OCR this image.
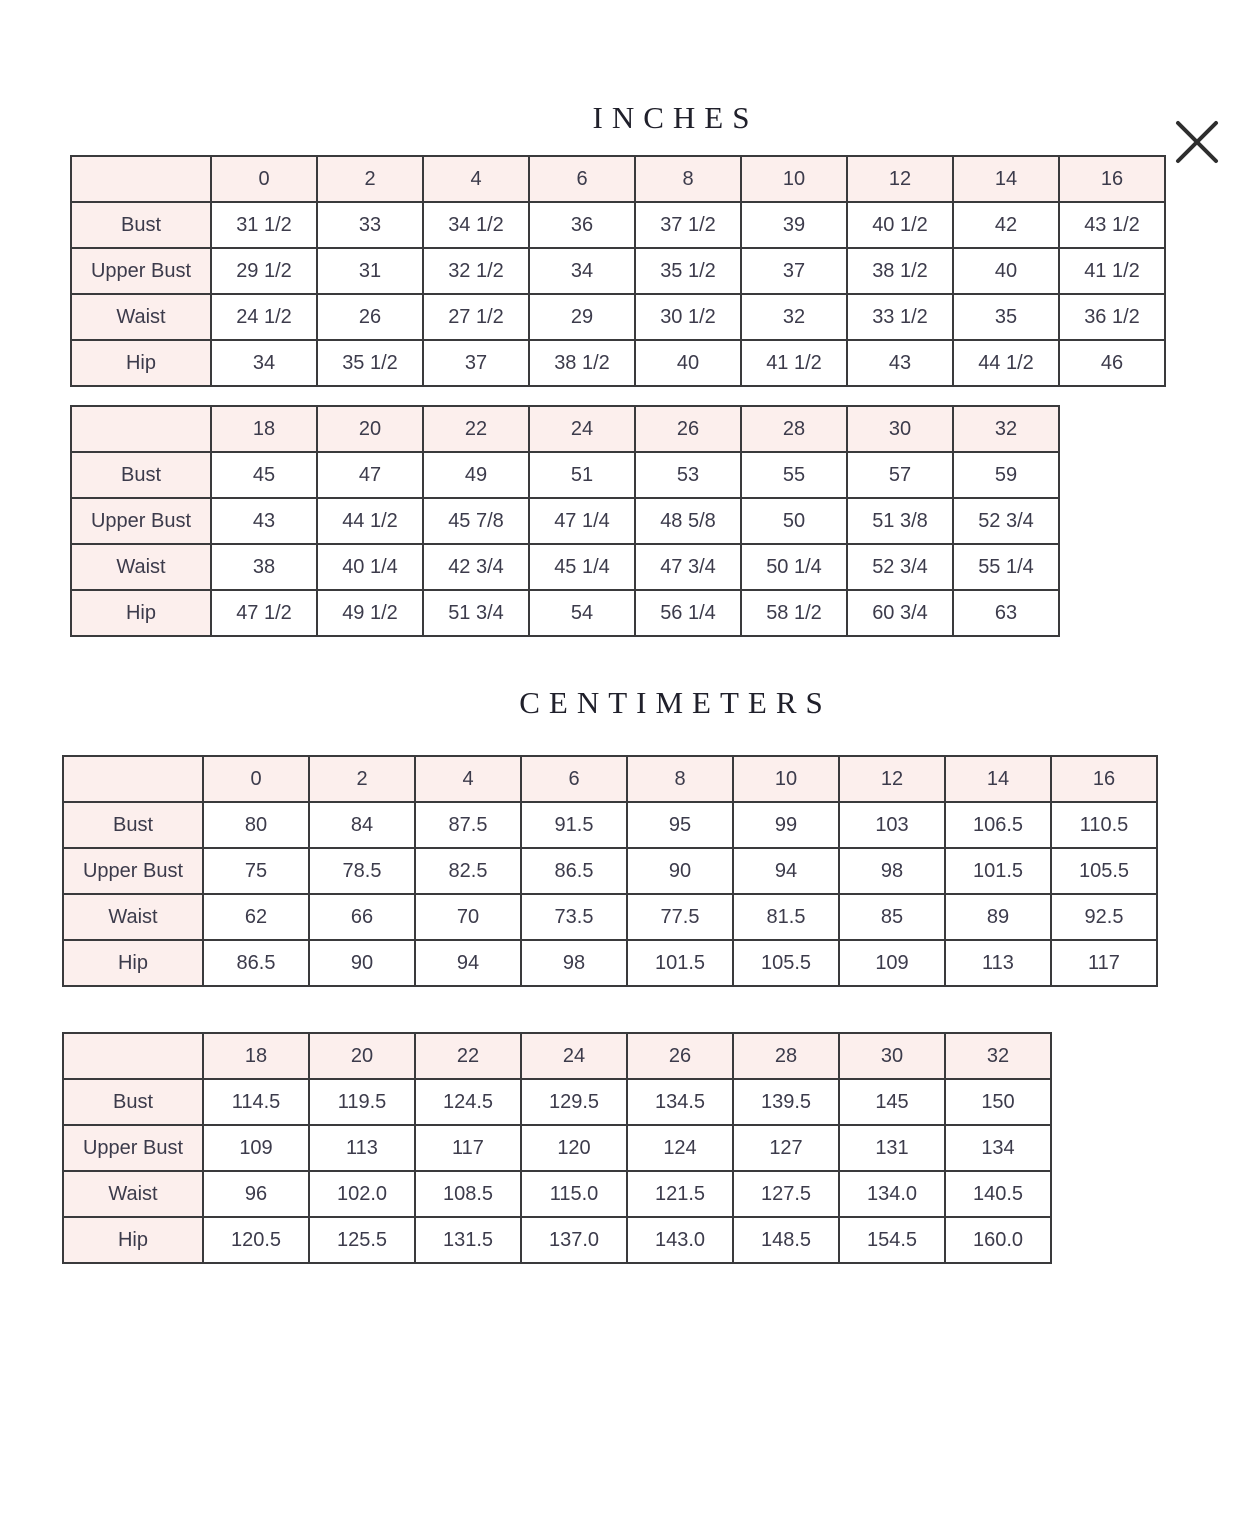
INCHES
	0	2	4	6	8	10	12	14	16
Bust	31 1/2	33	34 1/2	36	37 1/2	39	40 1/2	42	43 1/2
Upper Bust	29 1/2	31	32 1/2	34	35 1/2	37	38 1/2	40	41 1/2
Waist	24 1/2	26	27 1/2	29	30 1/2	32	33 1/2	35	36 1/2
Hip	34	35 1/2	37	38 1/2	40	41 1/2	43	44 1/2	46
	18	20	22	24	26	28	30	32
Bust	45	47	49	51	53	55	57	59
Upper Bust	43	44 1/2	45 7/8	47 1/4	48 5/8	50	51 3/8	52 3/4
Waist	38	40 1/4	42 3/4	45 1/4	47 3/4	50 1/4	52 3/4	55 1/4
Hip	47 1/2	49 1/2	51 3/4	54	56 1/4	58 1/2	60 3/4	63
CENTIMETERS
	0	2	4	6	8	10	12	14	16
Bust	80	84	87.5	91.5	95	99	103	106.5	110.5
Upper Bust	75	78.5	82.5	86.5	90	94	98	101.5	105.5
Waist	62	66	70	73.5	77.5	81.5	85	89	92.5
Hip	86.5	90	94	98	101.5	105.5	109	113	117
	18	20	22	24	26	28	30	32
Bust	114.5	119.5	124.5	129.5	134.5	139.5	145	150
Upper Bust	109	113	117	120	124	127	131	134
Waist	96	102.0	108.5	115.0	121.5	127.5	134.0	140.5
Hip	120.5	125.5	131.5	137.0	143.0	148.5	154.5	160.0
